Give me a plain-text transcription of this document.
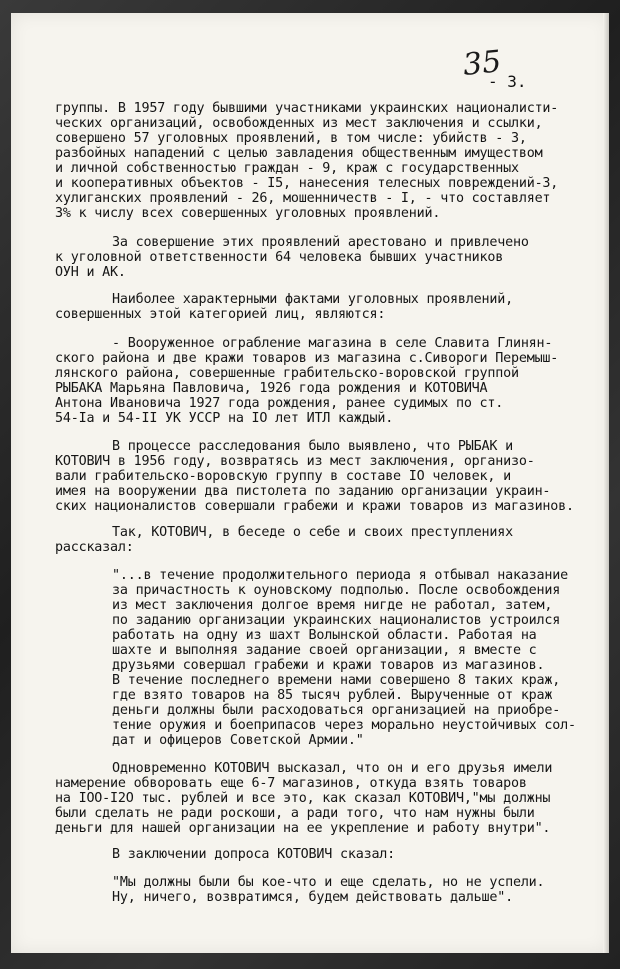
35
- 3.

группы. В 1957 году бывшими участниками украинских националисти-

ческих организаций, освобожденных из мест заключения и ссылки,

совершено 57 уголовных проявлений, в том числе: убийств - 3,

разбойных нападений с целью завладения общественным имуществом

и личной собственностью граждан - 9, краж с государственных

и кооперативных объектов - I5, нанесения телесных повреждений-3,

хулиганских проявлений - 26, мошенничеств - I, - что составляет

3% к числу всех совершенных уголовных проявлений.

За совершение этих проявлений арестовано и привлечено

к уголовной ответственности 64 человека бывших участников

ОУН и АК.

Наиболее характерными фактами уголовных проявлений,

совершенных этой категорией лиц, являются:

- Вооруженное ограбление магазина в селе Славита Глинян-

ского района и две кражи товаров из магазина с.Сивороги Перемыш-

лянского района, совершенные грабительско-воровской группой

РЫБАКА Марьяна Павловича, 1926 года рождения и КОТОВИЧА

Антона Ивановича 1927 года рождения, ранее судимых по ст.

54-Iа и 54-II УК УССР на IO лет ИТЛ каждый.

В процессе расследования было выявлено, что РЫБАК и

КОТОВИЧ в 1956 году, возвратясь из мест заключения, организо-

вали грабительско-воровскую группу в составе IO человек, и

имея на вооружении два пистолета по заданию организации украин-

ских националистов совершали грабежи и кражи товаров из магазинов.

Так, КОТОВИЧ, в беседе о себе и своих преступлениях

рассказал:

"...в течение продолжительного периода я отбывал наказание

за причастность к оуновскому подполью. После освобождения

из мест заключения долгое время нигде не работал, затем,

по заданию организации украинских националистов устроился

работать на одну из шахт Волынской области. Работая на

шахте и выполняя задание своей организации, я вместе с

друзьями совершал грабежи и кражи товаров из магазинов.

В течение последнего времени нами совершено 8 таких краж,

где взято товаров на 85 тысяч рублей. Вырученные от краж

деньги должны были расходоваться организацией на приобре-

тение оружия и боеприпасов через морально неустойчивых сол-

дат и офицеров Советской Армии."

Одновременно КОТОВИЧ высказал, что он и его друзья имели

намерение обворовать еще 6-7 магазинов, откуда взять товаров

на IOO-I2O тыс. рублей и все это, как сказал КОТОВИЧ,"мы должны

были сделать не ради роскоши, а ради того, что нам нужны были

деньги для нашей организации на ее укрепление и работу внутри".

В заключении допроса КОТОВИЧ сказал:

"Мы должны были бы кое-что и еще сделать, но не успели.

Ну, ничего, возвратимся, будем действовать дальше".
